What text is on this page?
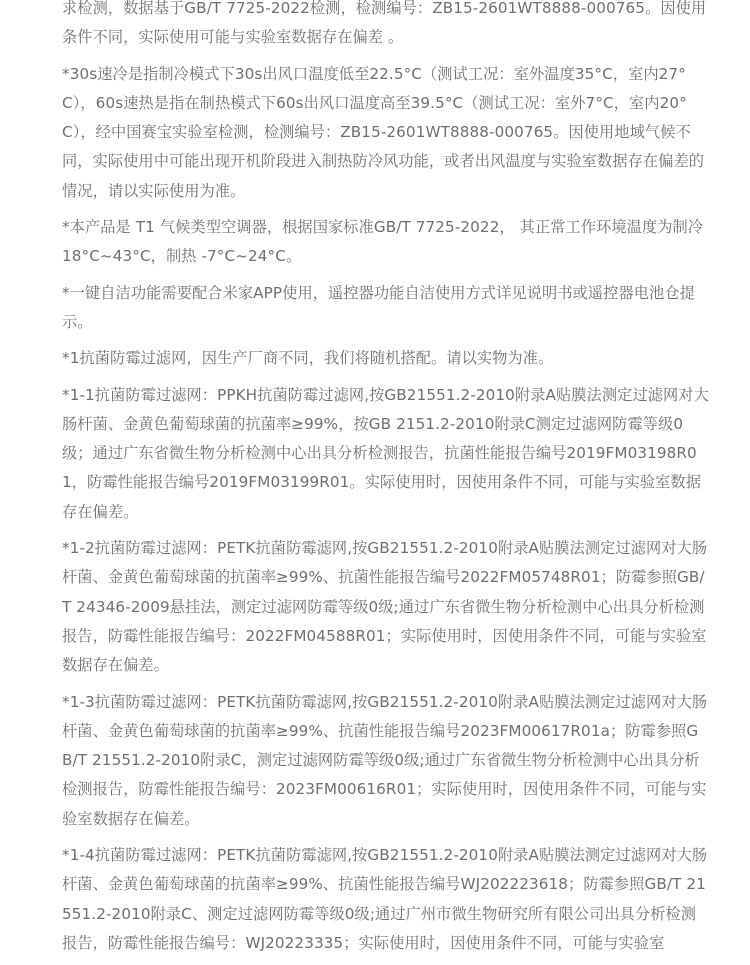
求检测，数据基于GB/T 7725-2022检测，检测编号：ZB15-2601WT8888-000765。因使用条件不同，实际使用可能与实验室数据存在偏差 。

*30s速冷是指制冷模式下30s出风口温度低至22.5°C（测试工况：室外温度35°C，室内27°C），60s速热是指在制热模式下60s出风口温度高至39.5°C（测试工况：室外7°C，室内20°C），经中国赛宝实验室检测，检测编号：ZB15-2601WT8888-000765。因使用地域气候不同，实际使用中可能出现开机阶段进入制热防冷风功能，或者出风温度与实验室数据存在偏差的情况，请以实际使用为准。

*本产品是 T1 气候类型空调器，根据国家标准GB/T 7725-2022， 其正常工作环境温度为制冷18°C~43°C，制热 -7°C~24°C。

*一键自洁功能需要配合米家APP使用，遥控器功能自洁使用方式详见说明书或遥控器电池仓提示。

*1抗菌防霉过滤网，因生产厂商不同，我们将随机搭配。请以实物为准。

*1-1抗菌防霉过滤网：PPKH抗菌防霉过滤网,按GB21551.2-2010附录A贴膜法测定过滤网对大肠杆菌、金黄色葡萄球菌的抗菌率≥99%，按GB 2151.2-2010附录C测定过滤网防霉等级0级；通过广东省微生物分析检测中心出具分析检测报告，抗菌性能报告编号2019FM03198R01，防霉性能报告编号2019FM03199R01。实际使用时，因使用条件不同，可能与实验室数据存在偏差。

*1-2抗菌防霉过滤网：PETK抗菌防霉滤网,按GB21551.2-2010附录A贴膜法测定过滤网对大肠杆菌、金黄色葡萄球菌的抗菌率≥99%、抗菌性能报告编号2022FM05748R01；防霉参照GB/T 24346-2009悬挂法，测定过滤网防霉等级0级;通过广东省微生物分析检测中心出具分析检测报告，防霉性能报告编号：2022FM04588R01；实际使用时，因使用条件不同，可能与实验室数据存在偏差。

*1-3抗菌防霉过滤网：PETK抗菌防霉滤网,按GB21551.2-2010附录A贴膜法测定过滤网对大肠杆菌、金黄色葡萄球菌的抗菌率≥99%、抗菌性能报告编号2023FM00617R01a；防霉参照GB/T 21551.2-2010附录C，测定过滤网防霉等级0级;通过广东省微生物分析检测中心出具分析检测报告，防霉性能报告编号：2023FM00616R01；实际使用时，因使用条件不同，可能与实验室数据存在偏差。

*1-4抗菌防霉过滤网：PETK抗菌防霉滤网,按GB21551.2-2010附录A贴膜法测定过滤网对大肠杆菌、金黄色葡萄球菌的抗菌率≥99%、抗菌性能报告编号WJ202223618；防霉参照GB/T 21551.2-2010附录C、测定过滤网防霉等级0级;通过广州市微生物研究所有限公司出具分析检测报告，防霉性能报告编号：WJ20223335；实际使用时，因使用条件不同，可能与实验室
